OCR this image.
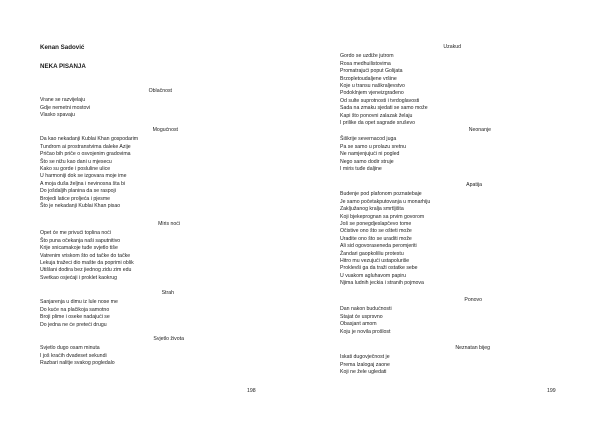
Kenan Sadović
NEKA PISANJA
Oblačnost
Vrane se razvijelaju
Gdje nemetni mostovi
Vlasko spavaju
Mogućnost
Da kao nekadanji Kublai Khan gospodarim
Tundrom ai prostranstvima daleke Azije
Pričao bih priče o osvojenim gradovima
Što se nižu kao dani u mjesecu
Kako su gorde i posluline ulice
U harmoniji dok se izgovara moje ime
A moja duša željna i nevinosna šta bi
Do jošdaljih planina da se raspoji
Brojedi latice proljeća i pjesme
Što je nekadanji Kublai Khan pisao
Miris noći
Opet će me privući toplina noći
Što puna očekanja naši saputnitivo
Krije snicamakoje tuđe svjetlo tiše
Vatrenim vriskom što od tačke do tačke
Lekuja tražeci dio mašte da poprimi oblik
Utišlani dodira bez jiednog zidu zim edu
Svetkao osjećaji i proklet kaokrug
Strah
Sanjarenja u dimu iz lule nose me
Do kuće na plačikoja samotno
Broji plime i oseke nadajući se
Do jedna ne će preteći drugu
Svjetlo života
Svjetlo dugo osam minuta
I još kraćih dvadeset sekundi
Razbari nalitje svakog pogledalo
198
Uzakud
Gordo se uzdiže jutrom
Rosa medhuilistovima
Promatrajući poput Golijata
Brzopletoudaljene vršine
Koje u transu naškraljevstvo
Podoklnjem vjeneizgrađeno
Od sulte suprotnosti i tvrdoglavosti
Sada na zmaku sjedati se samo može
Kapi što ponovni zalazak želaju
I prilike da opet sagrade sruševo
Neonanje
Šiškrije severnacod juga
Pa se samo u prolazu sretnu
Ne namjenjujući ni pogled
Nego samo dodir struje
I miris tuđe daljine
Apatija
Budenje pod plafonom poznatebaje
Je samo početakputovanja u monarhiju
Zakljužanog kralja smrtljišta
Koji bjekeprognan sa prvim govorom
Još se ponegdjeslapčevo tome
Očistive ono što se ošteti može
Uradite ono što se uraditi može
Ali sid ogovoraseneda peromjeriti
Žandari gaopkoliliu protestu
Hitro mu vezujući ustapoluriše
Proklevši ga da traži ostatke sebe
U vuakom agluhavom papiru
Njima ludnih jeckia i stranih pojmova
Ponovo
Dan nakon budućnosti
Stajat će usprsvno
Obasjant amom
Koju je novila prošlost
Neznatan bijeg
Iskati dugovječnost je
Prema lzalogaj zaone
Koji ne žele ugledati
199
